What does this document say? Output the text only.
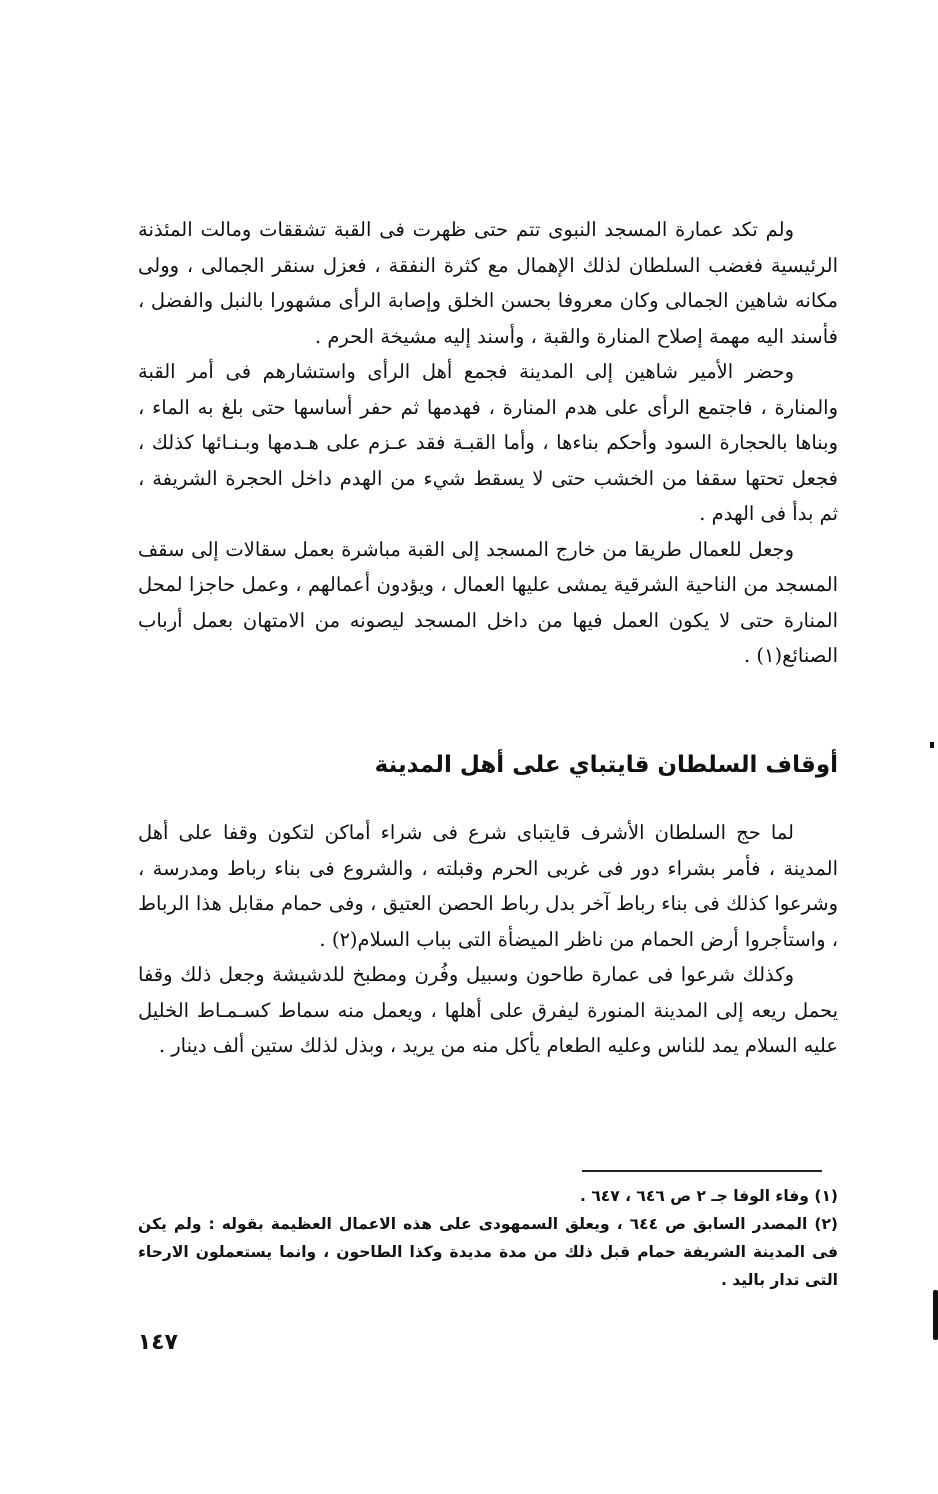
ولم تكد عمارة المسجد النبوى تتم حتى ظهرت فى القبة تشققات ومالت المئذنة الرئيسية فغضب السلطان لذلك الإهمال مع كثرة النفقة ، فعزل سنقر الجمالى ، وولى مكانه شاهين الجمالى وكان معروفا بحسن الخلق وإصابة الرأى مشهورا بالنبل والفضل ، فأسند اليه مهمة إصلاح المنارة والقبة ، وأسند إليه مشيخة الحرم .

وحضر الأمير شاهين إلى المدينة فجمع أهل الرأى واستشارهم فى أمر القبة والمنارة ، فاجتمع الرأى على هدم المنارة ، فهدمها ثم حفر أساسها حتى بلغ به الماء ، وبناها بالحجارة السود وأحكم بناءها ، وأما القبـة فقد عـزم على هـدمها وبـنـائها كذلك ، فجعل تحتها سقفا من الخشب حتى لا يسقط شيء من الهدم داخل الحجرة الشريفة ، ثم بدأ فى الهدم .

وجعل للعمال طريقا من خارج المسجد إلى القبة مباشرة بعمل سقالات إلى سقف المسجد من الناحية الشرقية يمشى عليها العمال ، ويؤدون أعمالهم ، وعمل حاجزا لمحل المنارة حتى لا يكون العمل فيها من داخل المسجد ليصونه من الامتهان بعمل أرباب الصنائع(١) .

أوقاف السلطان قايتباي على أهل المدينة

لما حج السلطان الأشرف قايتباى شرع فى شراء أماكن لتكون وقفا على أهل المدينة ، فأمر بشراء دور فى غربى الحرم وقبلته ، والشروع فى بناء رباط ومدرسة ، وشرعوا كذلك فى بناء رباط آخر بدل رباط الحصن العتيق ، وفى حمام مقابل هذا الرباط ، واستأجروا أرض الحمام من ناظر الميضأة التى بباب السلام(٢) .

وكذلك شرعوا فى عمارة طاحون وسبيل وفُرن ومطبخ للدشيشة وجعل ذلك وقفا يحمل ريعه إلى المدينة المنورة ليفرق على أهلها ، ويعمل منه سماط كسـمـاط الخليل عليه السلام يمد للناس وعليه الطعام يأكل منه من يريد ، وبذل لذلك ستين ألف دينار .

(١) وفاء الوفا جـ ٢ ص ٦٤٦ ، ٦٤٧ .

(٢) المصدر السابق ص ٦٤٤ ، ويعلق السمهودى على هذه الاعمال العظيمة بقوله : ولم يكن فى المدينة الشريفة حمام قبل ذلك من مدة مديدة وكذا الطاحون ، وانما يستعملون الارحاء التى تدار باليد .

١٤٧
